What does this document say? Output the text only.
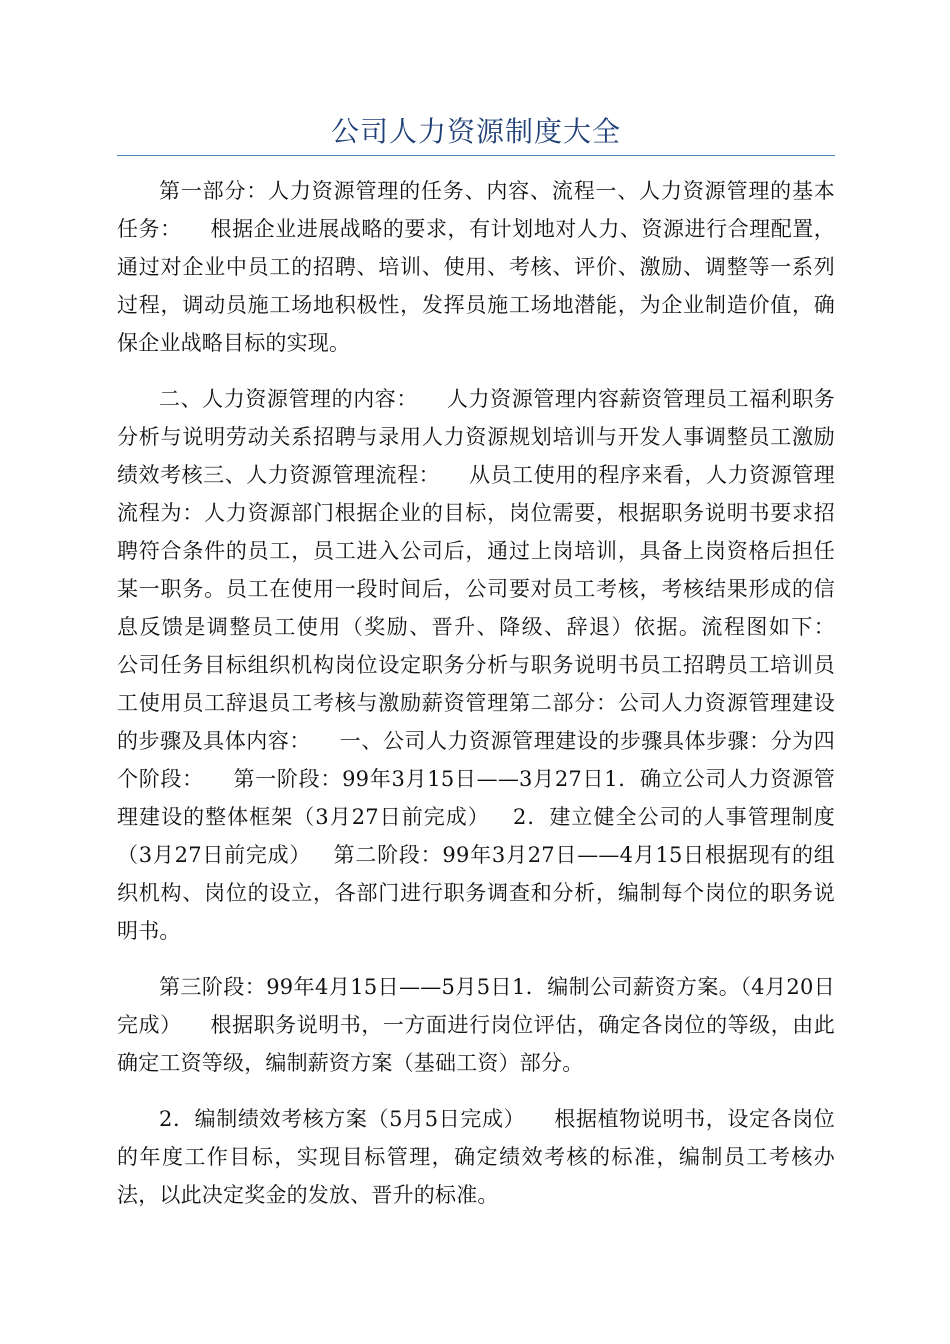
公司人力资源制度大全

第一部分：人力资源管理的任务、内容、流程一、人力资源管理的基本任务：    根据企业进展战略的要求，有计划地对人力、资源进行合理配置，通过对企业中员工的招聘、培训、使用、考核、评价、激励、调整等一系列过程，调动员施工场地积极性，发挥员施工场地潜能，为企业制造价值，确保企业战略目标的实现。

二、人力资源管理的内容：    人力资源管理内容薪资管理员工福利职务分析与说明劳动关系招聘与录用人力资源规划培训与开发人事调整员工激励绩效考核三、人力资源管理流程：    从员工使用的程序来看，人力资源管理流程为：人力资源部门根据企业的目标，岗位需要，根据职务说明书要求招聘符合条件的员工，员工进入公司后，通过上岗培训，具备上岗资格后担任某一职务。员工在使用一段时间后，公司要对员工考核，考核结果形成的信息反馈是调整员工使用（奖励、晋升、降级、辞退）依据。流程图如下：    公司任务目标组织机构岗位设定职务分析与职务说明书员工招聘员工培训员工使用员工辞退员工考核与激励薪资管理第二部分：公司人力资源管理建设的步骤及具体内容：    一、公司人力资源管理建设的步骤具体步骤：分为四个阶段：    第一阶段：99年3月15日——3月27日1．确立公司人力资源管理建设的整体框架（3月27日前完成）   2．建立健全公司的人事管理制度（3月27日前完成）   第二阶段：99年3月27日——4月15日根据现有的组织机构、岗位的设立，各部门进行职务调查和分析，编制每个岗位的职务说明书。

第三阶段：99年4月15日——5月5日1．编制公司薪资方案。（4月20日完成）    根据职务说明书，一方面进行岗位评估，确定各岗位的等级，由此确定工资等级，编制薪资方案（基础工资）部分。

2．编制绩效考核方案（5月5日完成）    根据植物说明书，设定各岗位的年度工作目标，实现目标管理，确定绩效考核的标准，编制员工考核办法，以此决定奖金的发放、晋升的标准。
